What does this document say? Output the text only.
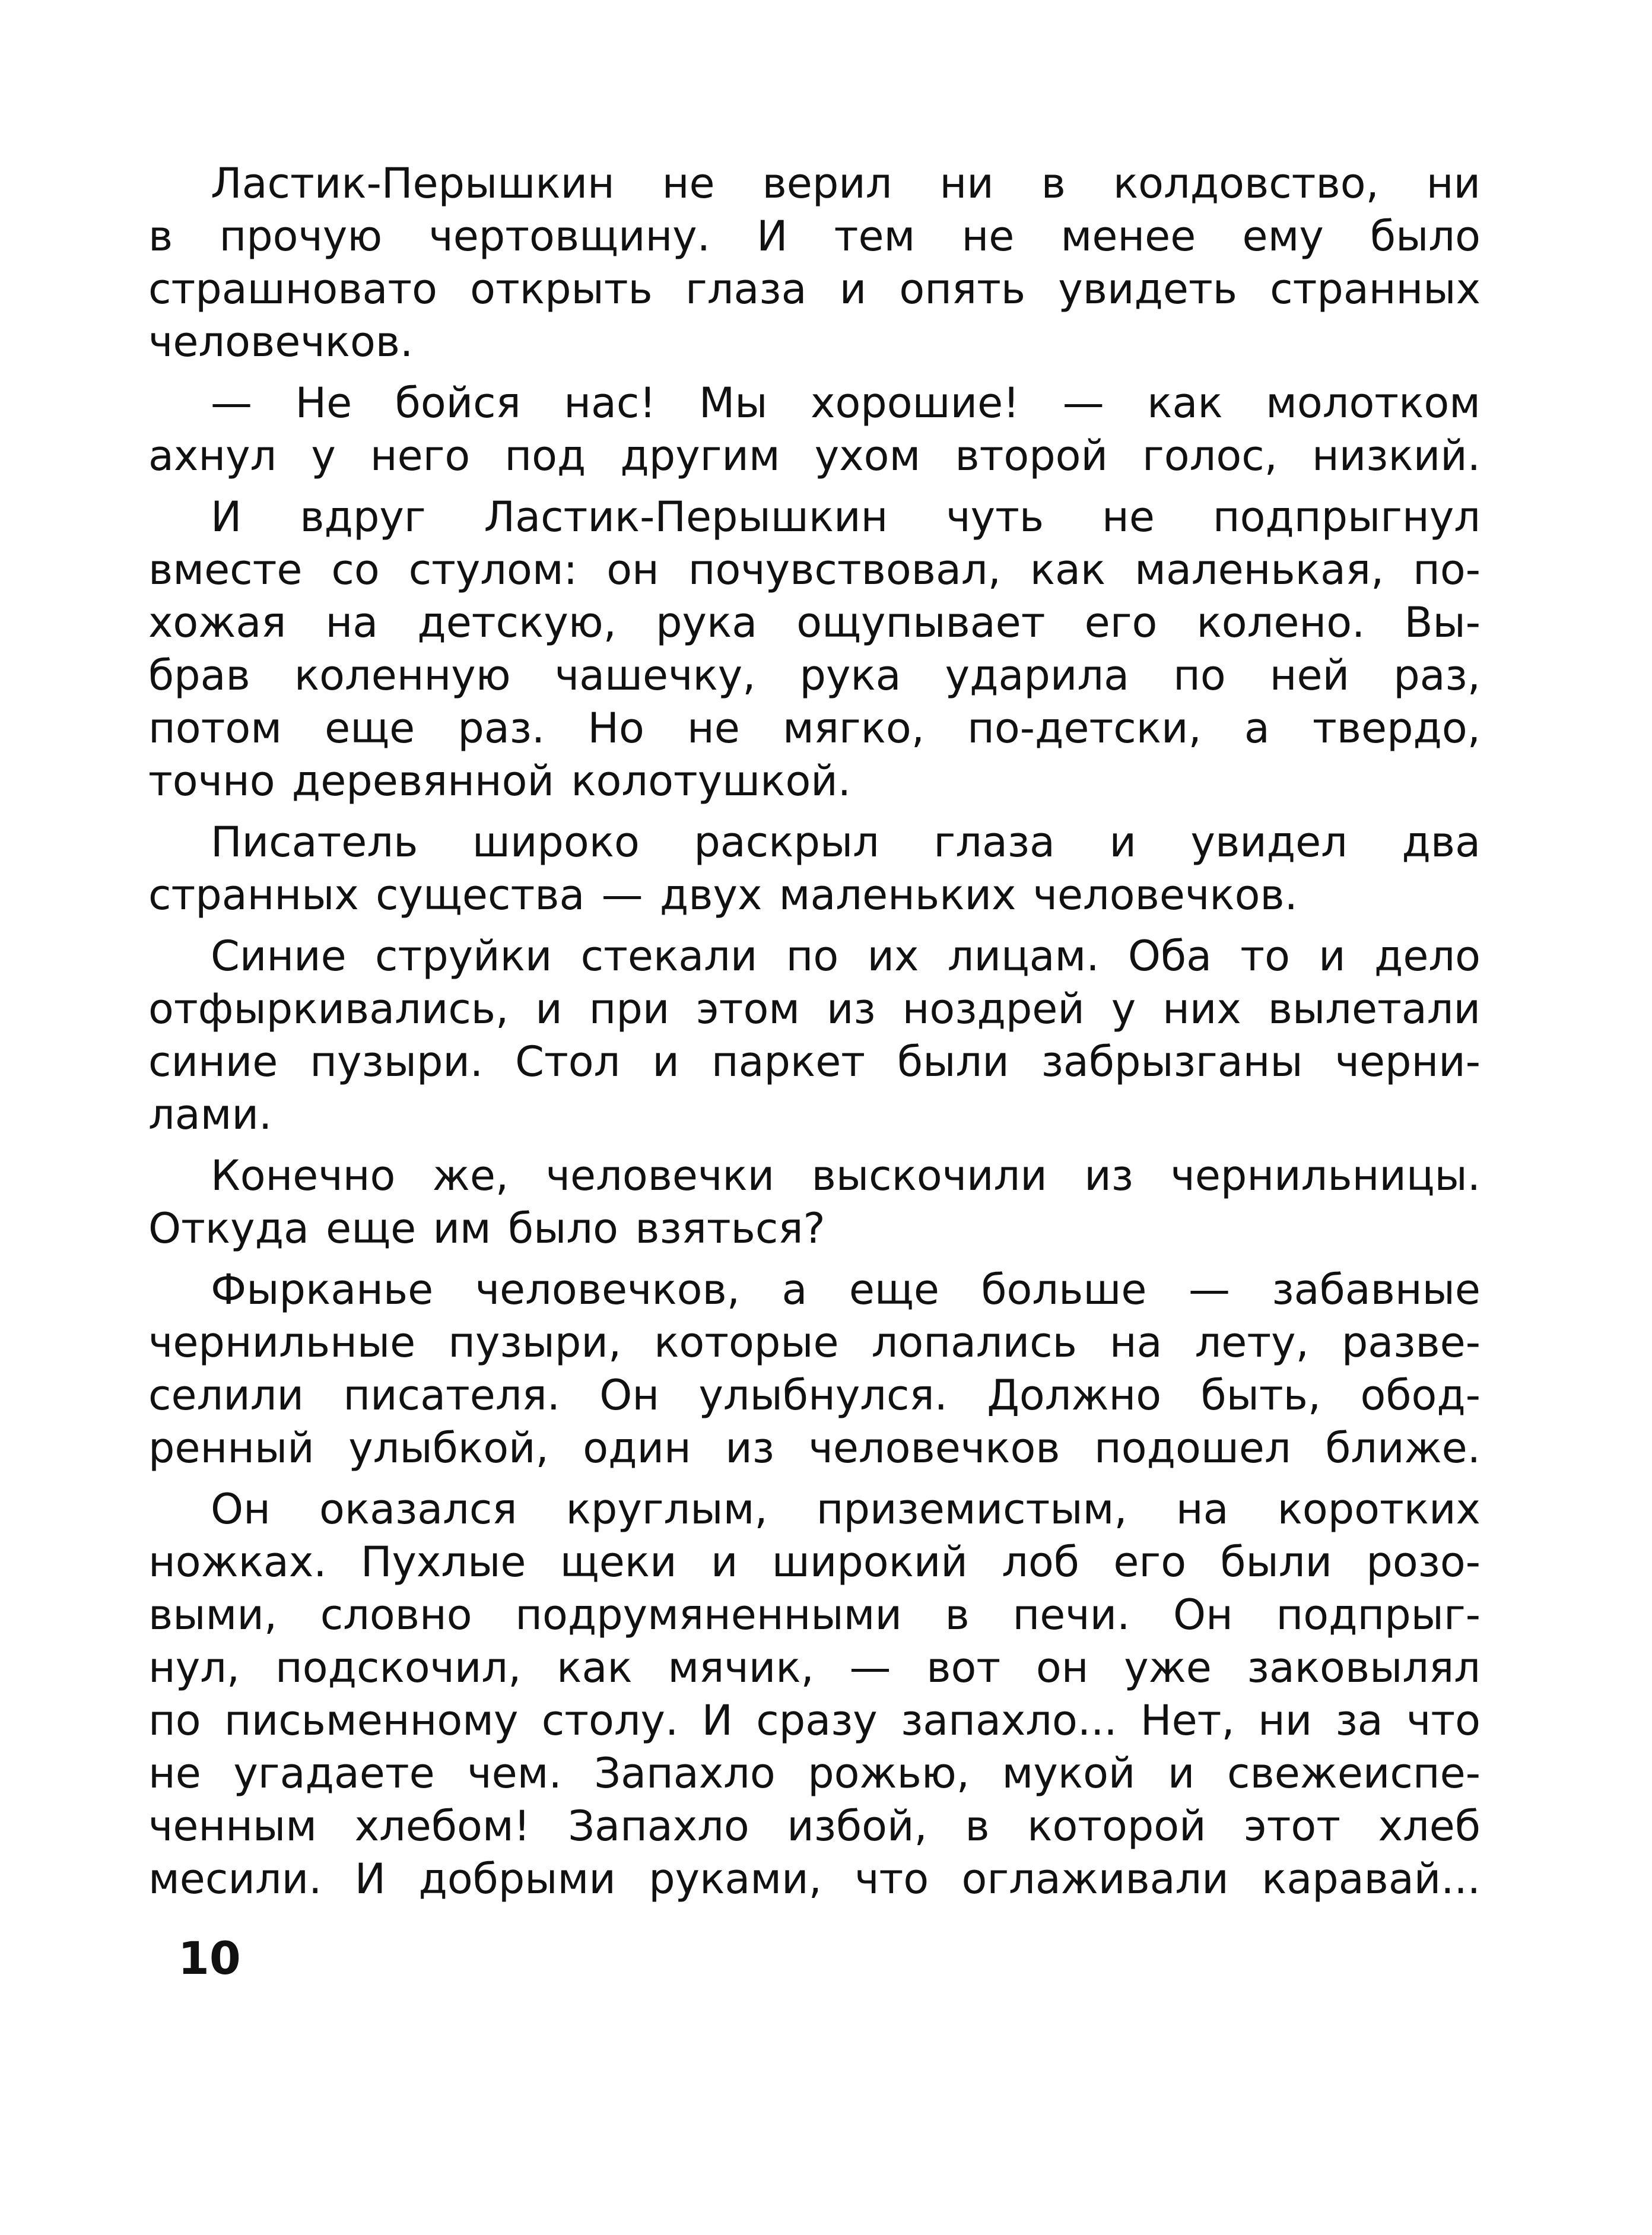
Ластик-Перышкин не верил ни в колдовство, ни
в прочую чертовщину. И тем не менее ему было
страшновато открыть глаза и опять увидеть странных
человечков.

— Не бойся нас! Мы хорошие! — как молотком
ахнул у него под другим ухом второй голос, низкий.

И вдруг Ластик-Перышкин чуть не подпрыгнул
вместе со стулом: он почувствовал, как маленькая, по-
хожая на детскую, рука ощупывает его колено. Вы-
брав коленную чашечку, рука ударила по ней раз,
потом еще раз. Но не мягко, по-детски, а твердо,
точно деревянной колотушкой.

Писатель широко раскрыл глаза и увидел два
странных существа — двух маленьких человечков.

Синие струйки стекали по их лицам. Оба то и дело
отфыркивались, и при этом из ноздрей у них вылетали
синие пузыри. Стол и паркет были забрызганы черни-
лами.

Конечно же, человечки выскочили из чернильницы.
Откуда еще им было взяться?

Фырканье человечков, а еще больше — забавные
чернильные пузыри, которые лопались на лету, разве-
селили писателя. Он улыбнулся. Должно быть, обод-
ренный улыбкой, один из человечков подошел ближе.

Он оказался круглым, приземистым, на коротких
ножках. Пухлые щеки и широкий лоб его были розо-
выми, словно подрумяненными в печи. Он подпрыг-
нул, подскочил, как мячик, — вот он уже заковылял
по письменному столу. И сразу запахло... Нет, ни за что
не угадаете чем. Запахло рожью, мукой и свежеиспе-
ченным хлебом! Запахло избой, в которой этот хлеб
месили. И добрыми руками, что оглаживали каравай...

10
